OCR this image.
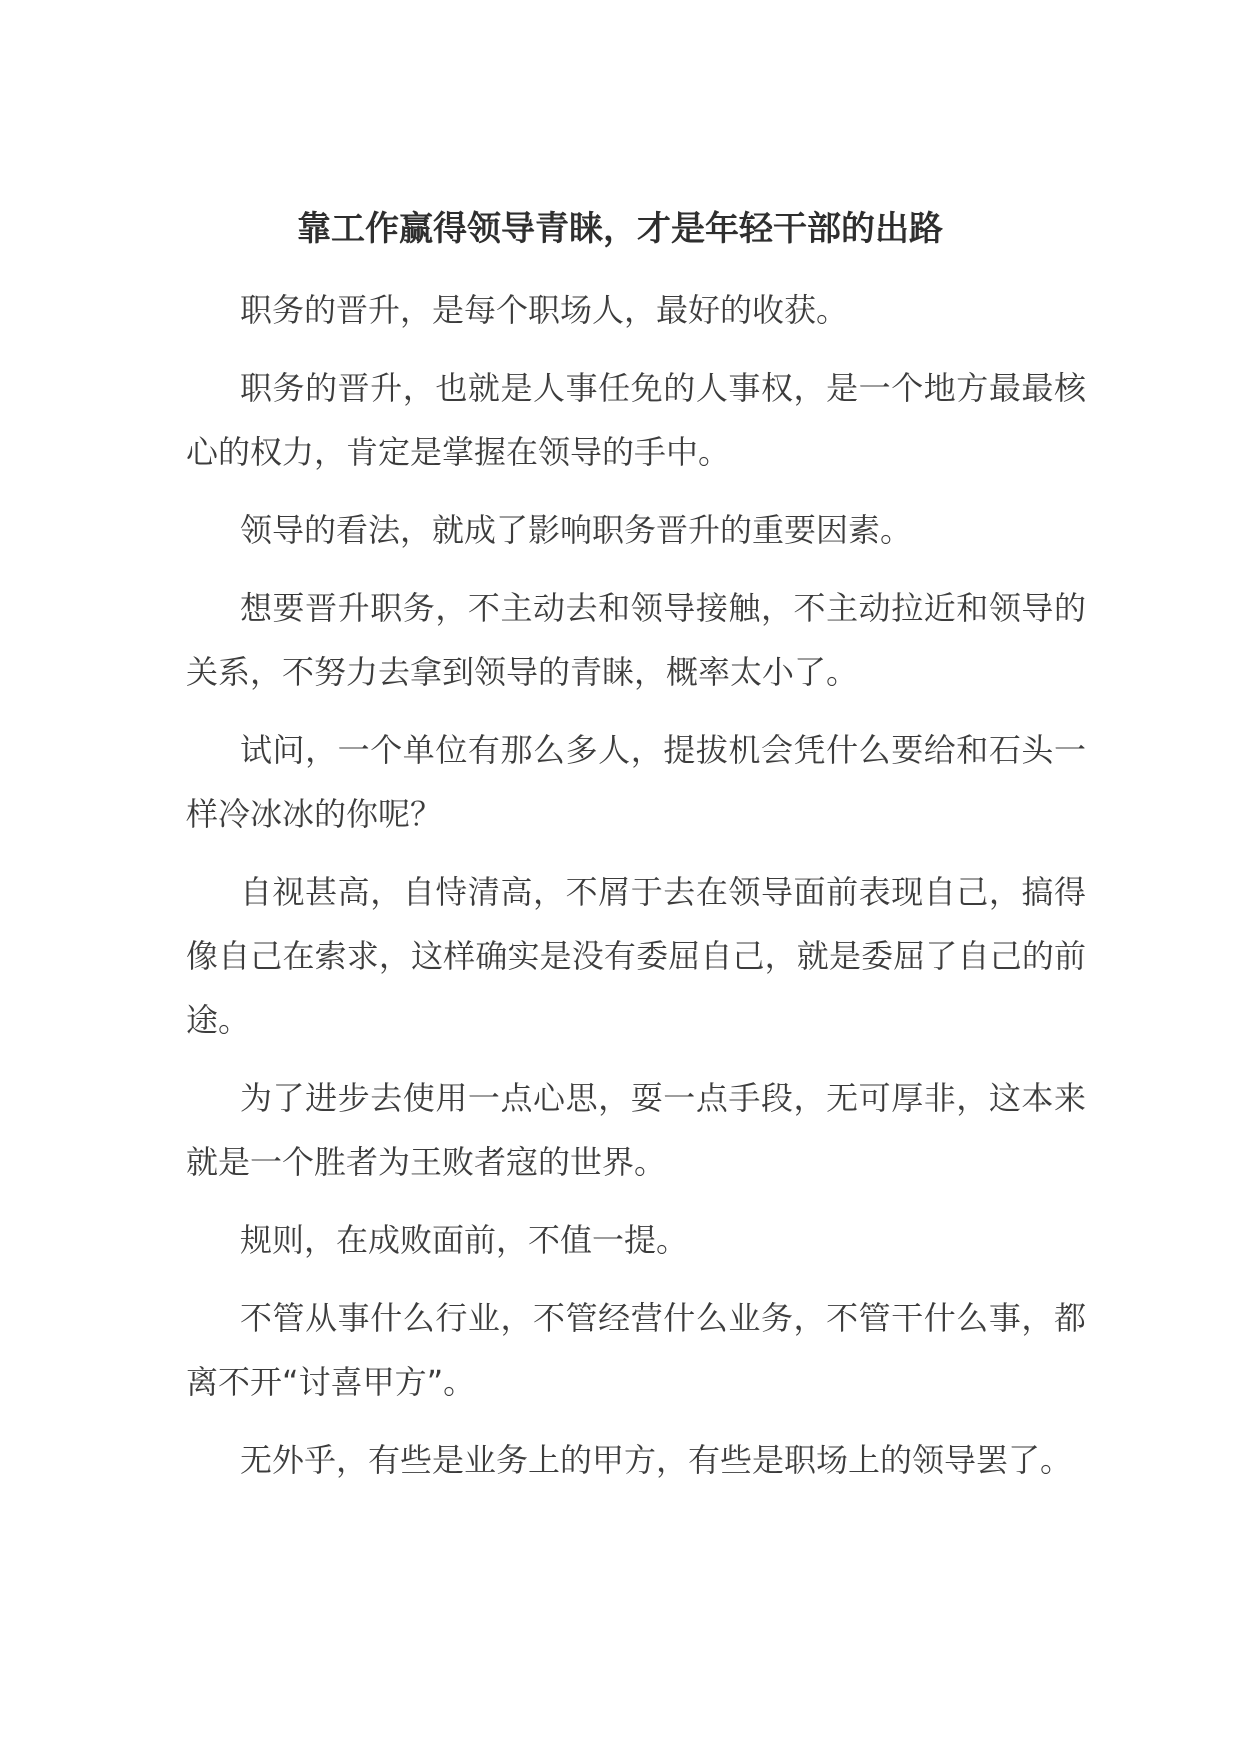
靠工作赢得领导青睐，才是年轻干部的出路

职务的晋升，是每个职场人，最好的收获。

职务的晋升，也就是人事任免的人事权，是一个地方最最核心的权力，肯定是掌握在领导的手中。

领导的看法，就成了影响职务晋升的重要因素。

想要晋升职务，不主动去和领导接触，不主动拉近和领导的关系，不努力去拿到领导的青睐，概率太小了。

试问，一个单位有那么多人，提拔机会凭什么要给和石头一样冷冰冰的你呢？

自视甚高，自恃清高，不屑于去在领导面前表现自己，搞得像自己在索求，这样确实是没有委屈自己，就是委屈了自己的前途。

为了进步去使用一点心思，耍一点手段，无可厚非，这本来就是一个胜者为王败者寇的世界。

规则，在成败面前，不值一提。

不管从事什么行业，不管经营什么业务，不管干什么事，都离不开“讨喜甲方”。

无外乎，有些是业务上的甲方，有些是职场上的领导罢了。
